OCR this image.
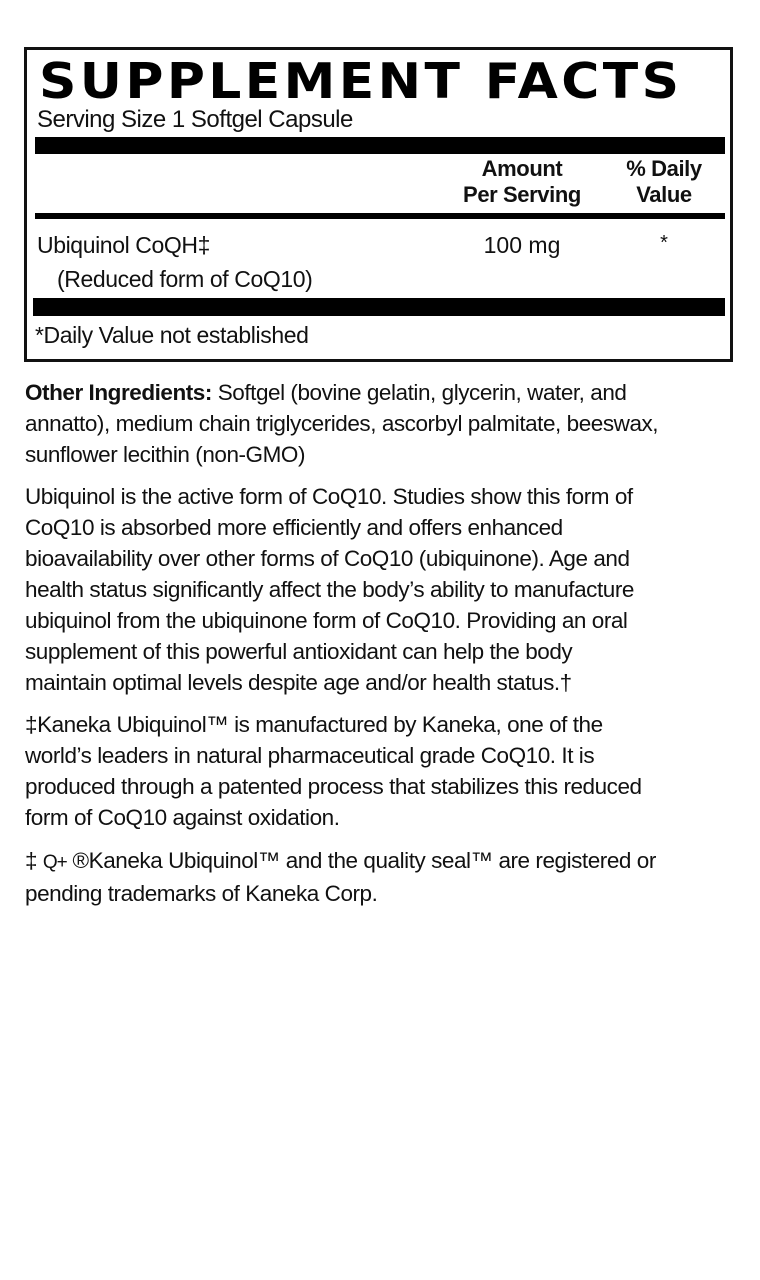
SUPPLEMENT FACTS
Serving Size 1 Softgel Capsule
Amount
Per Serving
% Daily
Value
Ubiquinol CoQH‡
(Reduced form of CoQ10)
100 mg	*
*Daily Value not established
Other Ingredients: Softgel (bovine gelatin, glycerin, water, and
annatto), medium chain triglycerides, ascorbyl palmitate, beeswax,
sunflower lecithin (non-GMO)
Ubiquinol is the active form of CoQ10. Studies show this form of
CoQ10 is absorbed more efficiently and offers enhanced
bioavailability over other forms of CoQ10 (ubiquinone). Age and
health status significantly affect the body’s ability to manufacture
ubiquinol from the ubiquinone form of CoQ10. Providing an oral
supplement of this powerful antioxidant can help the body
maintain optimal levels despite age and/or health status.†
‡Kaneka Ubiquinol™ is manufactured by Kaneka, one of the
world’s leaders in natural pharmaceutical grade CoQ10. It is
produced through a patented process that stabilizes this reduced
form of CoQ10 against oxidation.
‡ Q+ ®Kaneka Ubiquinol™ and the quality seal™ are registered or
pending trademarks of Kaneka Corp.
